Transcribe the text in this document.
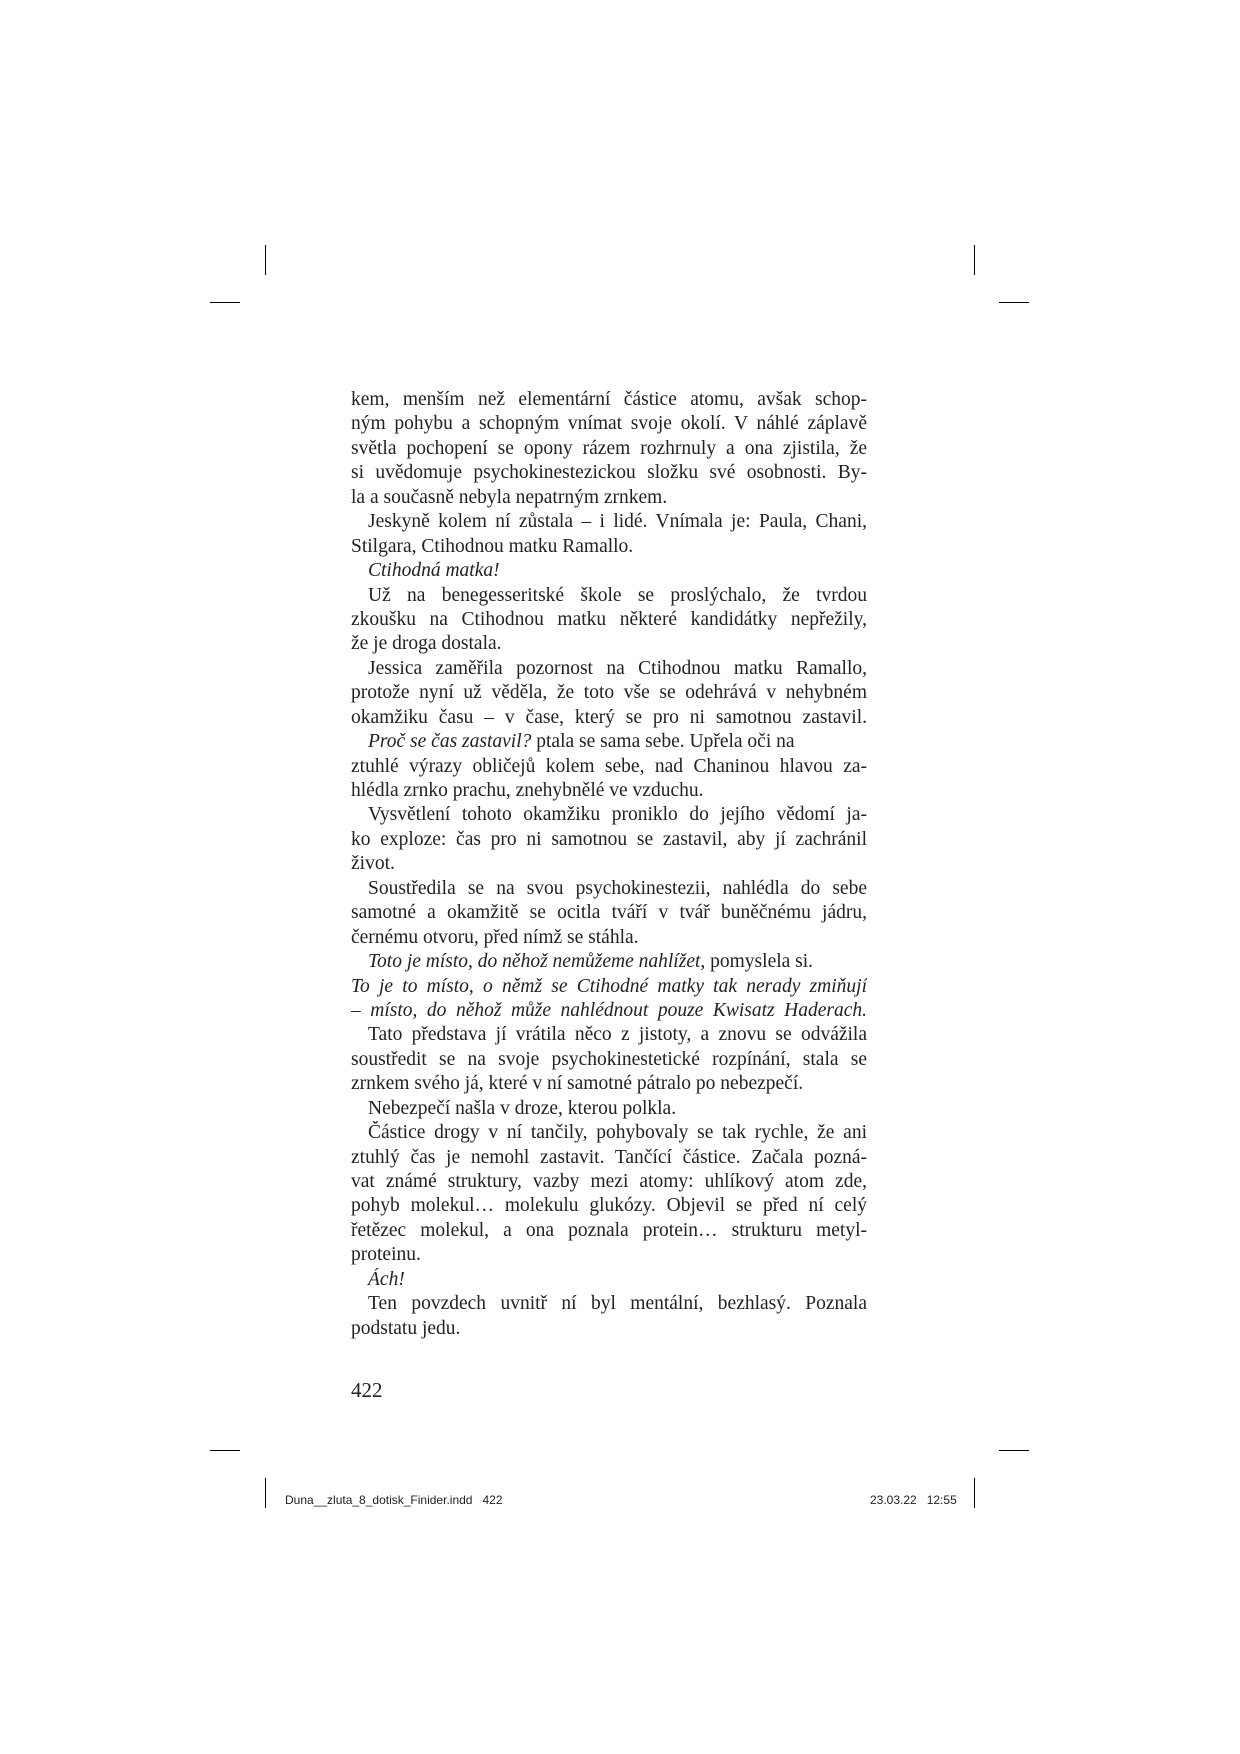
kem, menším než elementární částice atomu, avšak schop-
ným pohybu a schopným vnímat svoje okolí. V náhlé záplavě
světla pochopení se opony rázem rozhrnuly a ona zjistila, že
si uvědomuje psychokinestezickou složku své osobnosti. By-
la a současně nebyla nepatrným zrnkem.
Jeskyně kolem ní zůstala – i lidé. Vnímala je: Paula, Chani,
Stilgara, Ctihodnou matku Ramallo.
Ctihodná matka!
Už na benegesseritské škole se proslýchalo, že tvrdou
zkoušku na Ctihodnou matku některé kandidátky nepřežily,
že je droga dostala.
Jessica zaměřila pozornost na Ctihodnou matku Ramallo,
protože nyní už věděla, že toto vše se odehrává v nehybném
okamžiku času – v čase, který se pro ni samotnou zastavil.
Proč se čas zastavil? ptala se sama sebe. Upřela oči na
ztuhlé výrazy obličejů kolem sebe, nad Chaninou hlavou za-
hlédla zrnko prachu, znehybnělé ve vzduchu.
Vysvětlení tohoto okamžiku proniklo do jejího vědomí ja-
ko exploze: čas pro ni samotnou se zastavil, aby jí zachránil
život.
Soustředila se na svou psychokinestezii, nahlédla do sebe
samotné a okamžitě se ocitla tváří v tvář buněčnému jádru,
černému otvoru, před nímž se stáhla.
Toto je místo, do něhož nemůžeme nahlížet, pomyslela si.
To je to místo, o němž se Ctihodné matky tak nerady zmiňují
– místo, do něhož může nahlédnout pouze Kwisatz Haderach.
Tato představa jí vrátila něco z jistoty, a znovu se odvážila
soustředit se na svoje psychokinestetické rozpínání, stala se
zrnkem svého já, které v ní samotné pátralo po nebezpečí.
Nebezpečí našla v droze, kterou polkla.
Částice drogy v ní tančily, pohybovaly se tak rychle, že ani
ztuhlý čas je nemohl zastavit. Tančící částice. Začala pozná-
vat známé struktury, vazby mezi atomy: uhlíkový atom zde,
pohyb molekul… molekulu glukózy. Objevil se před ní celý
řetězec molekul, a ona poznala protein… strukturu metyl-
proteinu.
Ách!
Ten povzdech uvnitř ní byl mentální, bezhlasý. Poznala
podstatu jedu.
422
Duna__zluta_8_dotisk_Finider.indd   422	23.03.22   12:55
